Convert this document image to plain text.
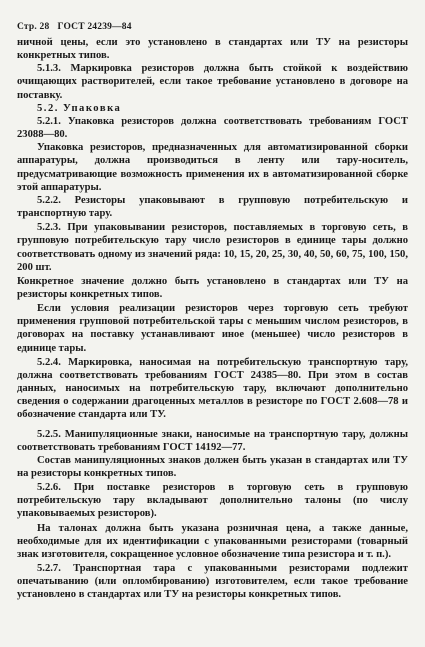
Стр. 28 ГОСТ 24239—84

ничной цены, если это установлено в стандартах или ТУ на резисторы конкретных типов.

5.1.3. Маркировка резисторов должна быть стойкой к воздействию очищающих растворителей, если такое требование установлено в договоре на поставку.

5.2. Упаковка

5.2.1. Упаковка резисторов должна соответствовать требованиям ГОСТ 23088—80.

Упаковка резисторов, предназначенных для автоматизированной сборки аппаратуры, должна производиться в ленту или тару-носитель, предусматривающие возможность применения их в автоматизированной сборке этой аппаратуры.

5.2.2. Резисторы упаковывают в групповую потребительскую и транспортную тару.

5.2.3. При упаковывании резисторов, поставляемых в торговую сеть, в групповую потребительскую тару число резисторов в единице тары должно соответствовать одному из значений ряда: 10, 15, 20, 25, 30, 40, 50, 60, 75, 100, 150, 200 шт.

Конкретное значение должно быть установлено в стандартах или ТУ на резисторы конкретных типов.

Если условия реализации резисторов через торговую сеть требуют применения групповой потребительской тары с меньшим числом резисторов, в договорах на поставку устанавливают иное (меньшее) число резисторов в единице тары.

5.2.4. Маркировка, наносимая на потребительскую транспортную тару, должна соответствовать требованиям ГОСТ 24385—80. При этом в состав данных, наносимых на потребительскую тару, включают дополнительно сведения о содержании драгоценных металлов в резисторе по ГОСТ 2.608—78 и обозначение стандарта или ТУ.

5.2.5. Манипуляционные знаки, наносимые на транспортную тару, должны соответствовать требованиям ГОСТ 14192—77.

Состав манипуляционных знаков должен быть указан в стандартах или ТУ на резисторы конкретных типов.

5.2.6. При поставке резисторов в торговую сеть в групповую потребительскую тару вкладывают дополнительно талоны (по числу упаковываемых резисторов).

На талонах должна быть указана розничная цена, а также данные, необходимые для их идентификации с упакованными резисторами (товарный знак изготовителя, сокращенное условное обозначение типа резистора и т. п.).

5.2.7. Транспортная тара с упакованными резисторами подлежит опечатыванию (или опломбированию) изготовителем, если такое требование установлено в стандартах или ТУ на резисторы конкретных типов.
